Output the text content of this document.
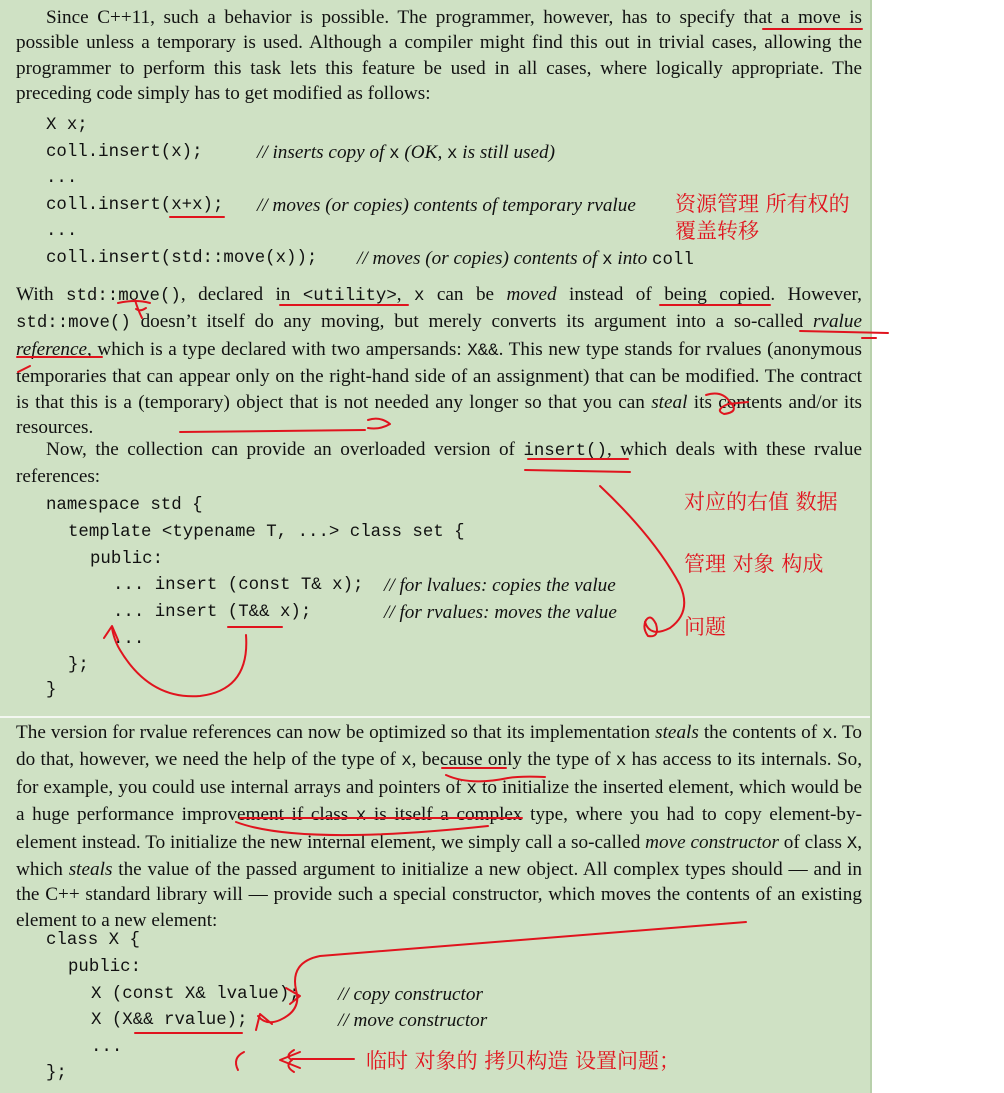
Since C++11, such a behavior is possible. The programmer, however, has to specify that a move is possible unless a temporary is used. Although a compiler might find this out in trivial cases, allowing the programmer to perform this task lets this feature be used in all cases, where logically appropriate. The preceding code simply has to get modified as follows:

X x;
coll.insert(x);	// inserts copy of x (OK, x is still used)
...
coll.insert(x+x); // moves (or copies) contents of temporary rvalue
...
coll.insert(std::move(x)); // moves (or copies) contents of x into coll

With std::move(), declared in <utility>, x can be moved instead of being copied. However, std::move() doesn’t itself do any moving, but merely converts its argument into a so-called rvalue reference, which is a type declared with two ampersands: X&&. This new type stands for rvalues (anonymous temporaries that can appear only on the right-hand side of an assignment) that can be modified. The contract is that this is a (temporary) object that is not needed any longer so that you can steal its contents and/or its resources.

Now, the collection can provide an overloaded version of insert(), which deals with these rvalue references:

namespace std {
template <typename T, ...> class set {
public:
... insert (const T& x); // for lvalues: copies the value
... insert (T&& x);	// for rvalues: moves the value
...
};
}

The version for rvalue references can now be optimized so that its implementation steals the contents of x. To do that, however, we need the help of the type of x, because only the type of x has access to its internals. So, for example, you could use internal arrays and pointers of x to initialize the inserted element, which would be a huge performance improvement if class x is itself a complex type, where you had to copy element-by-element instead. To initialize the new internal element, we simply call a so-called move constructor of class X, which steals the value of the passed argument to initialize a new object. All complex types should — and in the C++ standard library will — provide such a special constructor, which moves the contents of an existing element to a new element:

class X {
public:
X (const X& lvalue); // copy constructor
X (X&& rvalue);	// move constructor
...
};
资源管理 所有权的
覆盖转移
对应的右值 数据
管理 对象 构成
问题
临时 对象的 拷贝构造 设置问题；
